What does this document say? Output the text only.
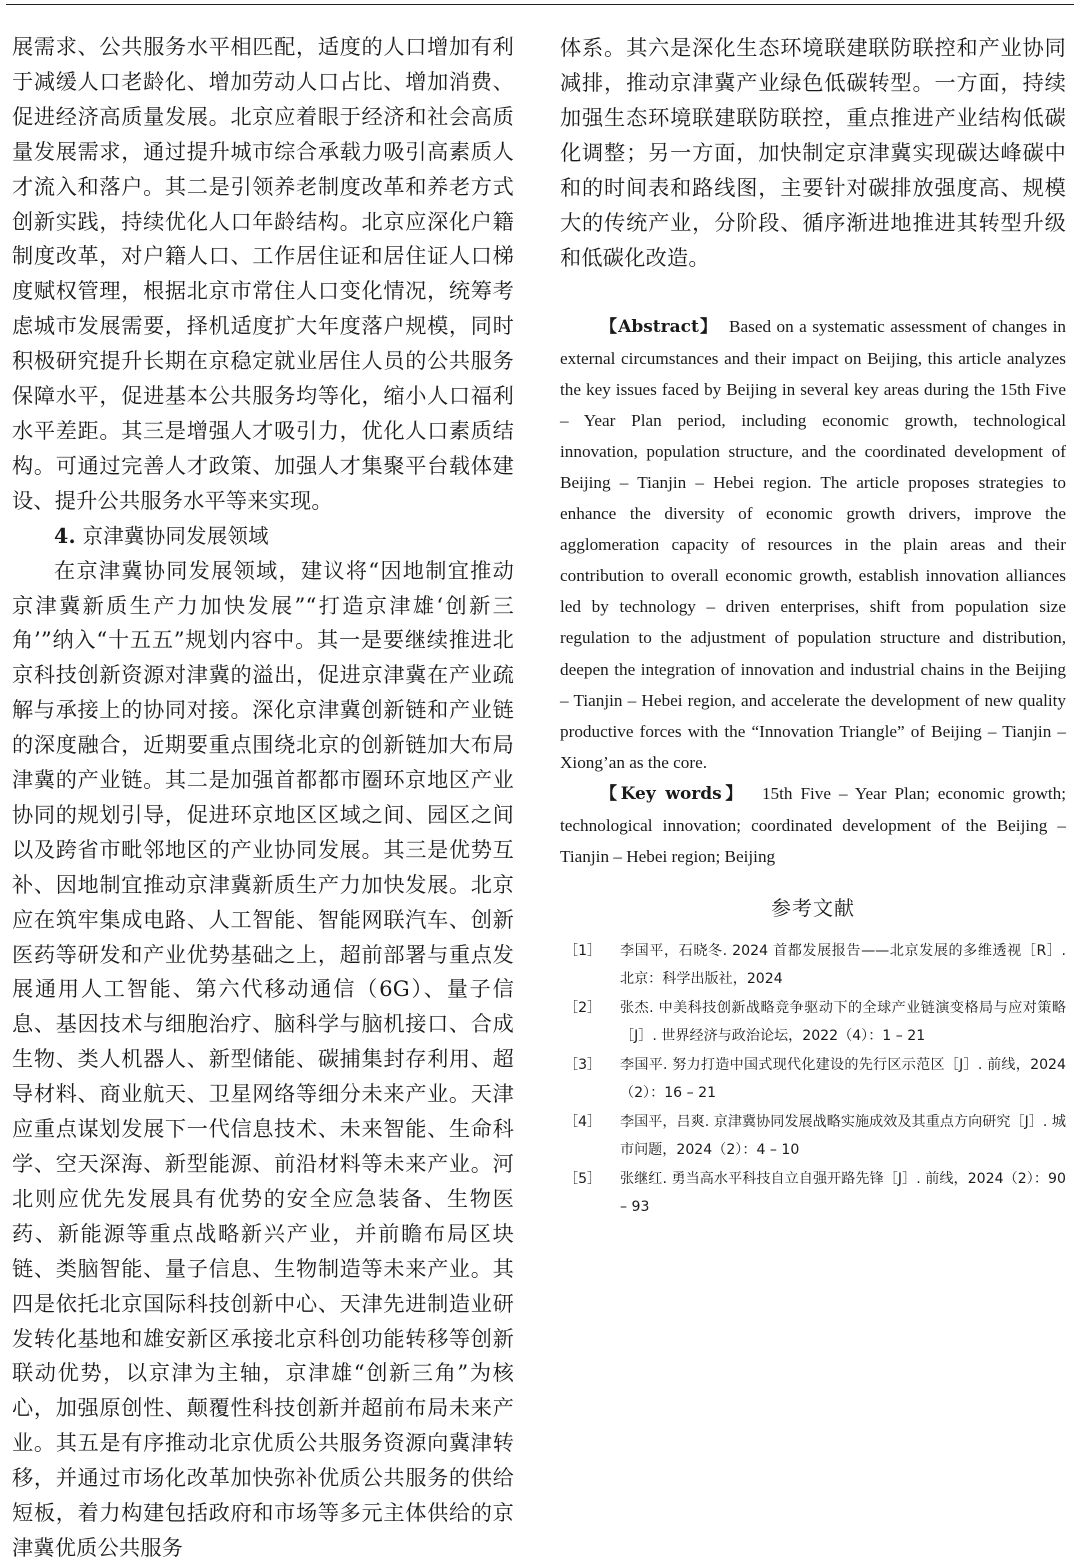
展需求、公共服务水平相匹配，适度的人口增加有利于减缓人口老龄化、增加劳动人口占比、增加消费、促进经济高质量发展。北京应着眼于经济和社会高质量发展需求，通过提升城市综合承载力吸引高素质人才流入和落户。其二是引领养老制度改革和养老方式创新实践，持续优化人口年龄结构。北京应深化户籍制度改革，对户籍人口、工作居住证和居住证人口梯度赋权管理，根据北京市常住人口变化情况，统筹考虑城市发展需要，择机适度扩大年度落户规模，同时积极研究提升长期在京稳定就业居住人员的公共服务保障水平，促进基本公共服务均等化，缩小人口福利水平差距。其三是增强人才吸引力，优化人口素质结构。可通过完善人才政策、加强人才集聚平台载体建设、提升公共服务水平等来实现。

4. 京津冀协同发展领域

在京津冀协同发展领域，建议将“因地制宜推动京津冀新质生产力加快发展”“打造京津雄‘创新三角’”纳入“十五五”规划内容中。其一是要继续推进北京科技创新资源对津冀的溢出，促进京津冀在产业疏解与承接上的协同对接。深化京津冀创新链和产业链的深度融合，近期要重点围绕北京的创新链加大布局津冀的产业链。其二是加强首都都市圈环京地区产业协同的规划引导，促进环京地区区域之间、园区之间以及跨省市毗邻地区的产业协同发展。其三是优势互补、因地制宜推动京津冀新质生产力加快发展。北京应在筑牢集成电路、人工智能、智能网联汽车、创新医药等研发和产业优势基础之上，超前部署与重点发展通用人工智能、第六代移动通信（6G）、量子信息、基因技术与细胞治疗、脑科学与脑机接口、合成生物、类人机器人、新型储能、碳捕集封存利用、超导材料、商业航天、卫星网络等细分未来产业。天津应重点谋划发展下一代信息技术、未来智能、生命科学、空天深海、新型能源、前沿材料等未来产业。河北则应优先发展具有优势的安全应急装备、生物医药、新能源等重点战略新兴产业，并前瞻布局区块链、类脑智能、量子信息、生物制造等未来产业。其四是依托北京国际科技创新中心、天津先进制造业研发转化基地和雄安新区承接北京科创功能转移等创新联动优势，以京津为主轴，京津雄“创新三角”为核心，加强原创性、颠覆性科技创新并超前布局未来产业。其五是有序推动北京优质公共服务资源向冀津转移，并通过市场化改革加快弥补优质公共服务的供给短板，着力构建包括政府和市场等多元主体供给的京津冀优质公共服务

体系。其六是深化生态环境联建联防联控和产业协同减排，推动京津冀产业绿色低碳转型。一方面，持续加强生态环境联建联防联控，重点推进产业结构低碳化调整；另一方面，加快制定京津冀实现碳达峰碳中和的时间表和路线图，主要针对碳排放强度高、规模大的传统产业，分阶段、循序渐进地推进其转型升级和低碳化改造。

【Abstract】 Based on a systematic assessment of changes in external circumstances and their impact on Beijing, this article analyzes the key issues faced by Beijing in several key areas during the 15th Five – Year Plan period, including economic growth, technological innovation, population structure, and the coordinated development of Beijing – Tianjin – Hebei region. The article proposes strategies to enhance the diversity of economic growth drivers, improve the agglomeration capacity of resources in the plain areas and their contribution to overall economic growth, establish innovation alliances led by technology – driven enterprises, shift from population size regulation to the adjustment of population structure and distribution, deepen the integration of innovation and industrial chains in the Beijing – Tianjin – Hebei region, and accelerate the development of new quality productive forces with the “Innovation Triangle” of Beijing – Tianjin – Xiong’an as the core.

【Key words】 15th Five – Year Plan; economic growth; technological innovation; coordinated development of the Beijing – Tianjin – Hebei region; Beijing

参考文献
［1］	李国平，石晓冬. 2024 首都发展报告——北京发展的多维透视［R］. 北京：科学出版社，2024
［2］	张杰. 中美科技创新战略竞争驱动下的全球产业链演变格局与应对策略［J］. 世界经济与政治论坛，2022（4）：1 – 21
［3］	李国平. 努力打造中国式现代化建设的先行区示范区［J］. 前线，2024（2）：16 – 21
［4］	李国平，吕爽. 京津冀协同发展战略实施成效及其重点方向研究［J］. 城市问题，2024（2）：4 – 10
［5］	张继红. 勇当高水平科技自立自强开路先锋［J］. 前线，2024（2）：90 – 93
